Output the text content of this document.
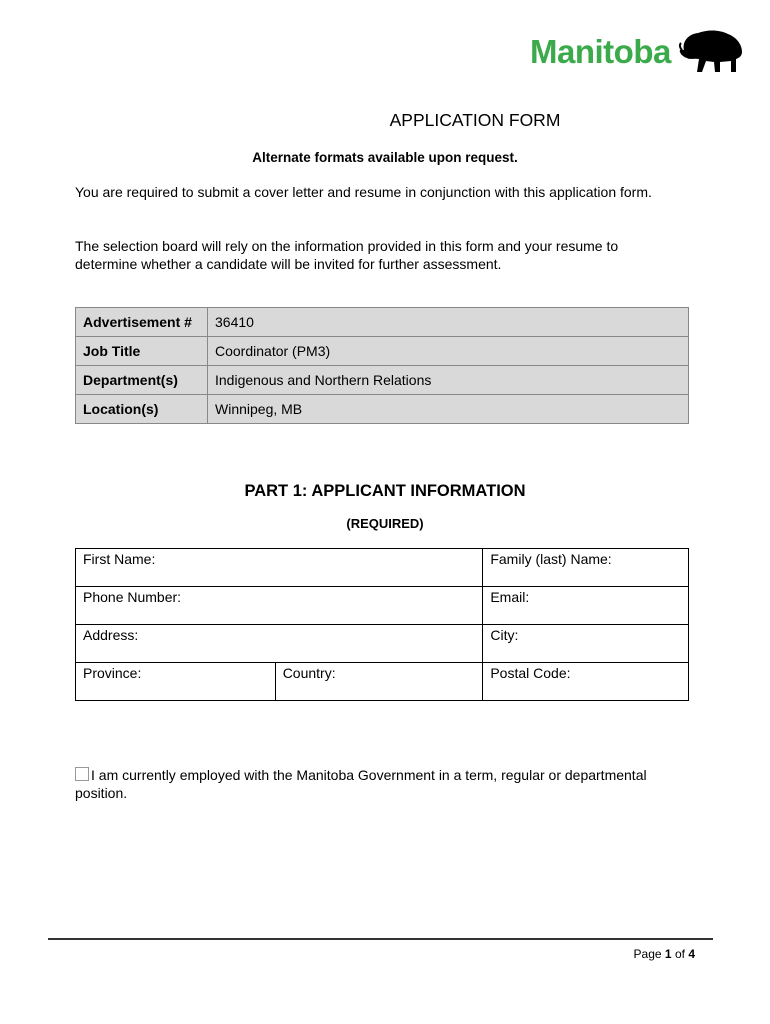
Manitoba
APPLICATION FORM
Alternate formats available upon request.
You are required to submit a cover letter and resume in conjunction with this application form.
The selection board will rely on the information provided in this form and your resume to determine whether a candidate will be invited for further assessment.
Advertisement #	36410
Job Title	Coordinator (PM3)
Department(s)	Indigenous and Northern Relations
Location(s)	Winnipeg, MB
PART 1: APPLICANT INFORMATION
(REQUIRED)
First Name:		Family (last) Name:
Phone Number:		Email:
Address:		City:
Province:	Country:	Postal Code:
I am currently employed with the Manitoba Government in a term, regular or departmental position.
Page 1 of 4
